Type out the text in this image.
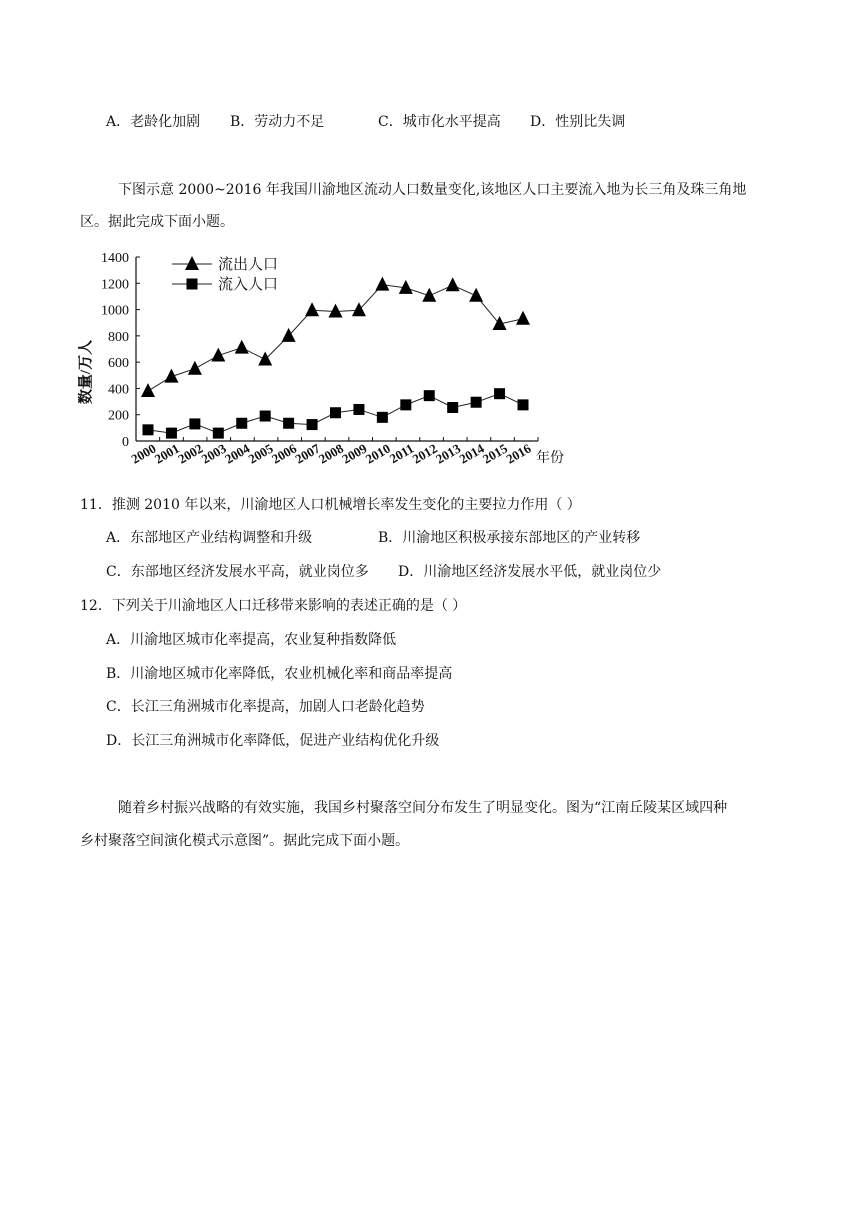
A．老龄化加剧 B．劳动力不足	C．城市化水平提高 D．性别比失调
下图示意 2000~2016 年我国川渝地区流动人口数量变化,该地区人口主要流入地为长三角及珠三角地
区。据此完成下面小题。
0
200
400
600
800
1000
1200
1400
2000
2001
2002
2003
2004
2005
2006
2007
2008
2009
2010
2011
2012
2013
2014
2015
2016
流出人口
流入人口
数量/万人
年份
11．推测 2010 年以来，川渝地区人口机械增长率发生变化的主要拉力作用（ ）
A．东部地区产业结构调整和升级	B．川渝地区积极承接东部地区的产业转移
C．东部地区经济发展水平高，就业岗位多 D．川渝地区经济发展水平低，就业岗位少
12．下列关于川渝地区人口迁移带来影响的表述正确的是（ ）
A．川渝地区城市化率提高，农业复种指数降低
B．川渝地区城市化率降低，农业机械化率和商品率提高
C．长江三角洲城市化率提高，加剧人口老龄化趋势
D．长江三角洲城市化率降低，促进产业结构优化升级
随着乡村振兴战略的有效实施，我国乡村聚落空间分布发生了明显变化。图为“江南丘陵某区域四种
乡村聚落空间演化模式示意图”。据此完成下面小题。
